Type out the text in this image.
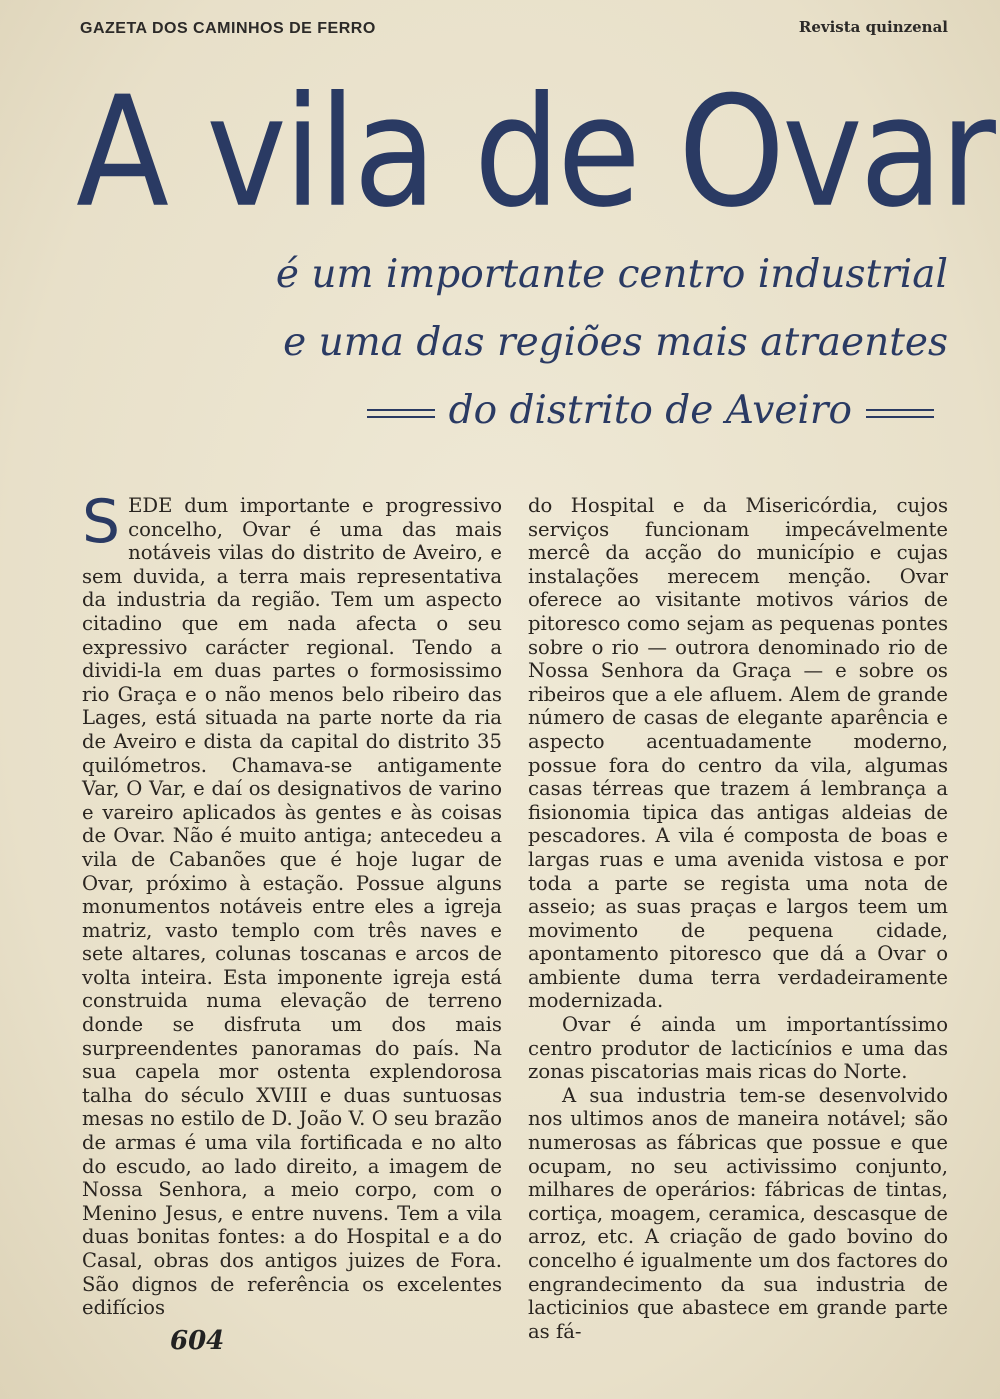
GAZETA DOS CAMINHOS DE FERRO	Revista quinzenal
A vila de Ovar
é um importante centro industrial
e uma das regiões mais atraentes
do distrito de Aveiro

SEDE dum importante e progressivo concelho, Ovar é uma das mais notáveis vilas do distrito de Aveiro, e sem duvida, a terra mais representativa da industria da região. Tem um aspecto citadino que em nada afecta o seu expressivo carácter regional. Tendo a dividi-la em duas partes o formosissimo rio Graça e o não menos belo ribeiro das Lages, está situada na parte norte da ria de Aveiro e dista da capital do distrito 35 quilómetros. Chamava-se antigamente Var, O Var, e daí os designativos de varino e vareiro aplicados às gentes e às coisas de Ovar. Não é muito antiga; antecedeu a vila de Cabanões que é hoje lugar de Ovar, próximo à estação. Possue alguns monumentos notáveis entre eles a igreja matriz, vasto templo com três naves e sete altares, colunas toscanas e arcos de volta inteira. Esta imponente igreja está construida numa elevação de terreno donde se disfruta um dos mais surpreendentes panoramas do país. Na sua capela mor ostenta explendorosa talha do século XVIII e duas suntuosas mesas no estilo de D. João V. O seu brazão de armas é uma vila fortificada e no alto do escudo, ao lado direito, a imagem de Nossa Senhora, a meio corpo, com o Menino Jesus, e entre nuvens. Tem a vila duas bonitas fontes: a do Hospital e a do Casal, obras dos antigos juizes de Fora. São dignos de referência os excelentes edifícios

do Hospital e da Misericórdia, cujos serviços funcionam impecávelmente mercê da acção do município e cujas instalações merecem menção. Ovar oferece ao visitante motivos vários de pitoresco como sejam as pequenas pontes sobre o rio — outrora denominado rio de Nossa Senhora da Graça — e sobre os ribeiros que a ele afluem. Alem de grande número de casas de elegante aparência e aspecto acentuadamente moderno, possue fora do centro da vila, algumas casas térreas que trazem á lembrança a fisionomia tipica das antigas aldeias de pescadores. A vila é composta de boas e largas ruas e uma avenida vistosa e por toda a parte se regista uma nota de asseio; as suas praças e largos teem um movimento de pequena cidade, apontamento pitoresco que dá a Ovar o ambiente duma terra verdadeiramente modernizada.

Ovar é ainda um importantíssimo centro produtor de lacticínios e uma das zonas piscatorias mais ricas do Norte.

A sua industria tem-se desenvolvido nos ultimos anos de maneira notável; são numerosas as fábricas que possue e que ocupam, no seu activissimo conjunto, milhares de operários: fábricas de tintas, cortiça, moagem, ceramica, descasque de arroz, etc. A criação de gado bovino do concelho é igualmente um dos factores do engrandecimento da sua industria de lacticinios que abastece em grande parte as fá-

604
